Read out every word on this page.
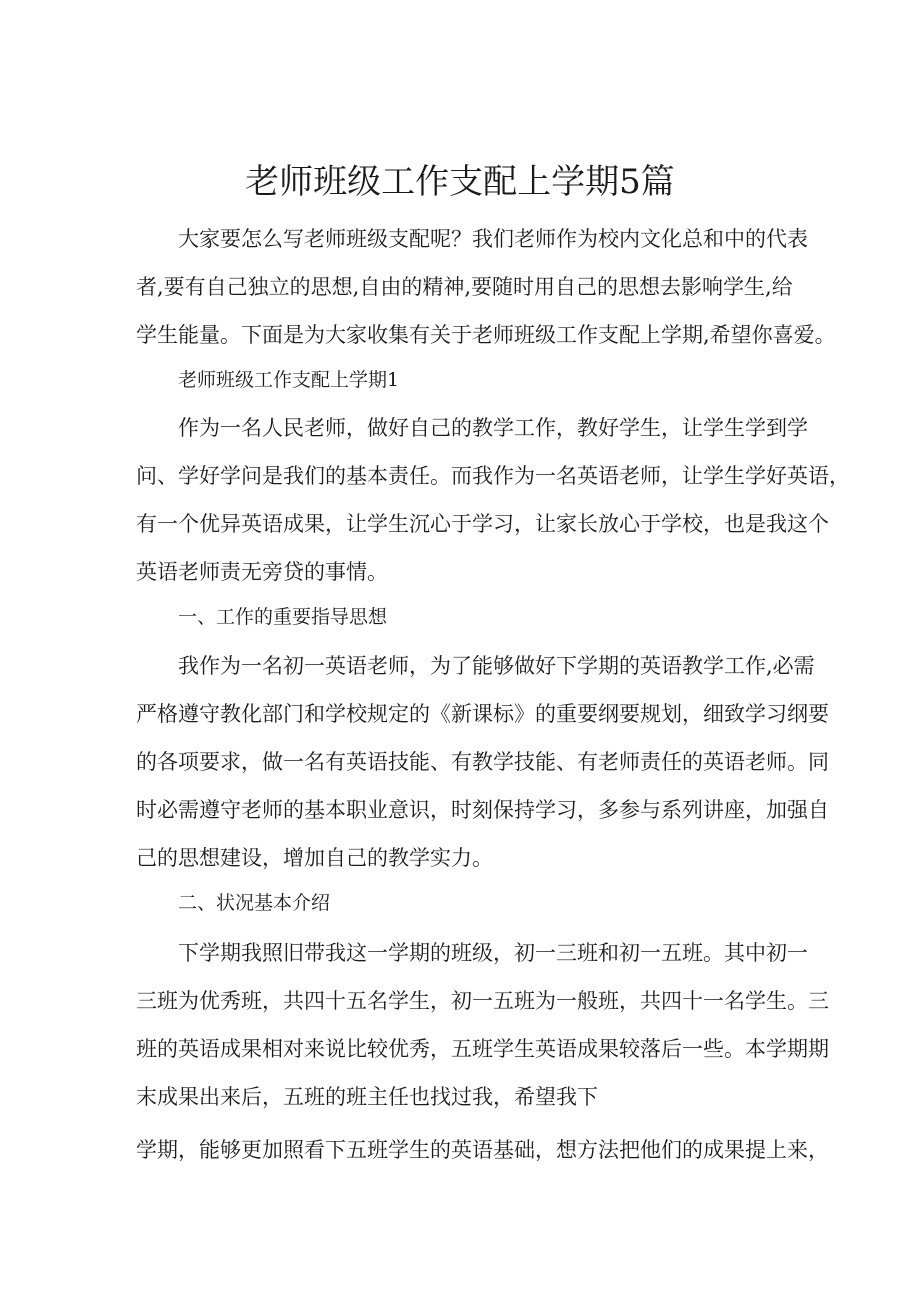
老师班级工作支配上学期5篇
大家要怎么写老师班级支配呢？我们老师作为校内文化总和中的代表
者,要有自己独立的思想,自由的精神,要随时用自己的思想去影响学生,给
学生能量。下面是为大家收集有关于老师班级工作支配上学期,希望你喜爱。
老师班级工作支配上学期1
作为一名人民老师，做好自己的教学工作，教好学生，让学生学到学
问、学好学问是我们的基本责任。而我作为一名英语老师，让学生学好英语，
有一个优异英语成果，让学生沉心于学习，让家长放心于学校，也是我这个
英语老师责无旁贷的事情。
一、工作的重要指导思想
我作为一名初一英语老师，为了能够做好下学期的英语教学工作,必需
严格遵守教化部门和学校规定的《新课标》的重要纲要规划，细致学习纲要
的各项要求，做一名有英语技能、有教学技能、有老师责任的英语老师。同
时必需遵守老师的基本职业意识，时刻保持学习，多参与系列讲座，加强自
己的思想建设，增加自己的教学实力。
二、状况基本介绍
下学期我照旧带我这一学期的班级，初一三班和初一五班。其中初一
三班为优秀班，共四十五名学生，初一五班为一般班，共四十一名学生。三
班的英语成果相对来说比较优秀，五班学生英语成果较落后一些。本学期期
末成果出来后，五班的班主任也找过我，希望我下
学期，能够更加照看下五班学生的英语基础，想方法把他们的成果提上来，
